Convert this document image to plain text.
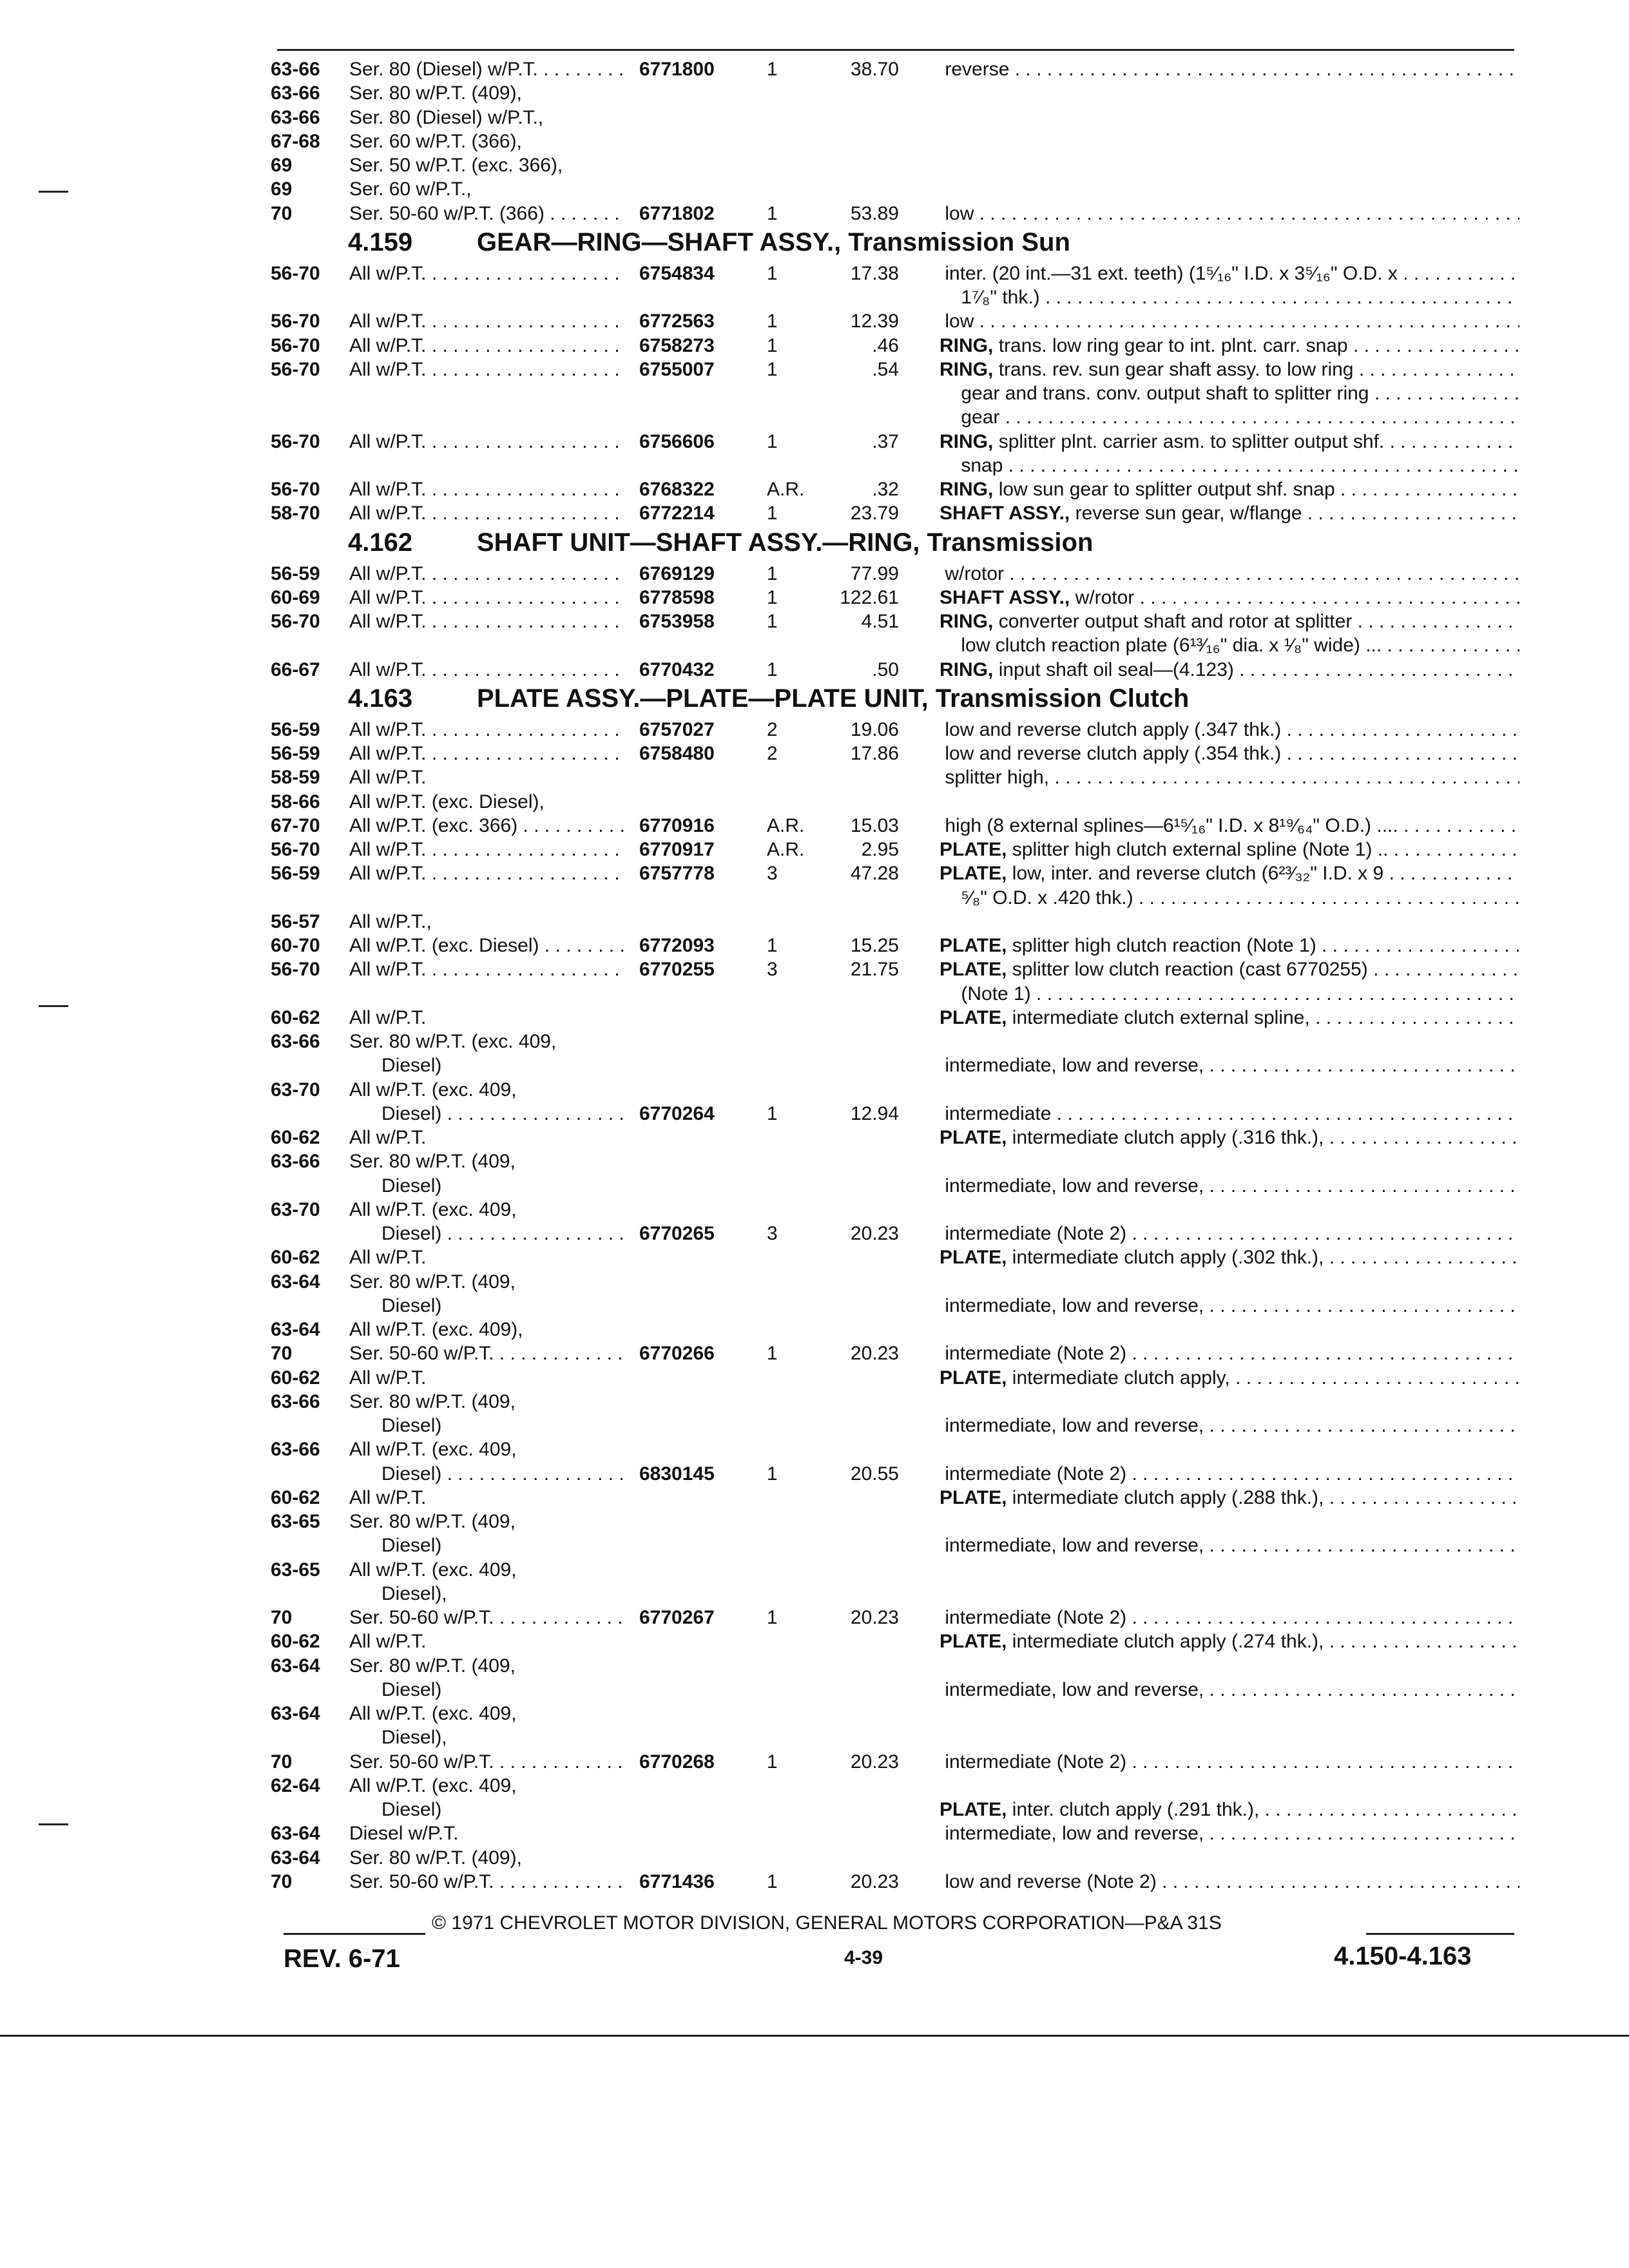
63-66 Ser. 80 (Diesel) w/P.T. . . .	6771800	1	38.70 reverse . . .
63-66 Ser. 80 w/P.T. (409),

63-66 Ser. 80 (Diesel) w/P.T.,

67-68 Ser. 60 w/P.T. (366),

69	Ser. 50 w/P.T. (exc. 366),

69	Ser. 60 w/P.T.,

70	Ser. 50-60 w/P.T. (366) . . .	6771802	1	53.89 low . . .
4.159 GEAR—RING—SHAFT ASSY., Transmission Sun
56-70 All w/P.T. . . .	6754834	1	17.38 inter. (20 int.—31 ext. teeth) (1⁵⁄₁₆" I.D. x 3⁵⁄₁₆" O.D. x . . .
1⁷⁄₈" thk.) . . .
56-70 All w/P.T. . . .	6772563	1	12.39 low . . .
56-70 All w/P.T. . . .	6758273	1	.46 RING, trans. low ring gear to int. plnt. carr. snap . . .
56-70 All w/P.T. . . .	6755007	1	.54 RING, trans. rev. sun gear shaft assy. to low ring . . .
gear and trans. conv. output shaft to splitter ring . . .
gear . . .
56-70 All w/P.T. . . .	6756606	1	.37 RING, splitter plnt. carrier asm. to splitter output shf. . . .
snap . . .
56-70 All w/P.T. . . .	6768322	A.R.	.32 RING, low sun gear to splitter output shf. snap . . .
58-70 All w/P.T. . . .	6772214	1	23.79 SHAFT ASSY., reverse sun gear, w/flange . . .
4.162 SHAFT UNIT—SHAFT ASSY.—RING, Transmission
56-59 All w/P.T. . . .	6769129	1	77.99 w/rotor . . .
60-69 All w/P.T. . . .	6778598	1	122.61 SHAFT ASSY., w/rotor . . .
56-70 All w/P.T. . . .	6753958	1	4.51 RING, converter output shaft and rotor at splitter . . .
low clutch reaction plate (6¹³⁄₁₆" dia. x ¹⁄₈" wide) ... . . .
66-67 All w/P.T. . . .	6770432	1	.50 RING, input shaft oil seal—(4.123) . . .
4.163 PLATE ASSY.—PLATE—PLATE UNIT, Transmission Clutch
56-59 All w/P.T. . . .	6757027	2	19.06 low and reverse clutch apply (.347 thk.) . . .
56-59 All w/P.T. . . .	6758480	2	17.86 low and reverse clutch apply (.354 thk.) . . .
58-59 All w/P.T.	splitter high, . . .
58-66 All w/P.T. (exc. Diesel),

67-70 All w/P.T. (exc. 366) . . .	6770916	A.R.	15.03 high (8 external splines—6¹⁵⁄₁₆" I.D. x 8¹⁹⁄₆₄" O.D.) .... . . .
56-70 All w/P.T. . . .	6770917	A.R.	2.95 PLATE, splitter high clutch external spline (Note 1) .. . . .
56-59 All w/P.T. . . .	6757778	3	47.28 PLATE, low, inter. and reverse clutch (6²³⁄₃₂" I.D. x 9 . . .
⁵⁄₈" O.D. x .420 thk.) . . .
56-57 All w/P.T.,

60-70 All w/P.T. (exc. Diesel) . . .	6772093	1	15.25 PLATE, splitter high clutch reaction (Note 1) . . .
56-70 All w/P.T. . . .	6770255	3	21.75 PLATE, splitter low clutch reaction (cast 6770255) . . .
(Note 1) . . .
60-62 All w/P.T.	PLATE, intermediate clutch external spline, . . .
63-66 Ser. 80 w/P.T. (exc. 409,

Diesel)	intermediate, low and reverse, . . .
63-70 All w/P.T. (exc. 409,

Diesel) . . .	6770264	1	12.94 intermediate . . .
60-62 All w/P.T.	PLATE, intermediate clutch apply (.316 thk.), . . .
63-66 Ser. 80 w/P.T. (409,

Diesel)	intermediate, low and reverse, . . .
63-70 All w/P.T. (exc. 409,

Diesel) . . .	6770265	3	20.23 intermediate (Note 2) . . .
60-62 All w/P.T.	PLATE, intermediate clutch apply (.302 thk.), . . .
63-64 Ser. 80 w/P.T. (409,

Diesel)	intermediate, low and reverse, . . .
63-64 All w/P.T. (exc. 409),

70	Ser. 50-60 w/P.T. . . .	6770266	1	20.23 intermediate (Note 2) . . .
60-62 All w/P.T.	PLATE, intermediate clutch apply, . . .
63-66 Ser. 80 w/P.T. (409,

Diesel)	intermediate, low and reverse, . . .
63-66 All w/P.T. (exc. 409,

Diesel) . . .	6830145	1	20.55 intermediate (Note 2) . . .
60-62 All w/P.T.	PLATE, intermediate clutch apply (.288 thk.), . . .
63-65 Ser. 80 w/P.T. (409,

Diesel)	intermediate, low and reverse, . . .
63-65 All w/P.T. (exc. 409,

Diesel),

70	Ser. 50-60 w/P.T. . . .	6770267	1	20.23 intermediate (Note 2) . . .
60-62 All w/P.T.	PLATE, intermediate clutch apply (.274 thk.), . . .
63-64 Ser. 80 w/P.T. (409,

Diesel)	intermediate, low and reverse, . . .
63-64 All w/P.T. (exc. 409,

Diesel),

70	Ser. 50-60 w/P.T. . . .	6770268	1	20.23 intermediate (Note 2) . . .
62-64 All w/P.T. (exc. 409,

Diesel)	PLATE, inter. clutch apply (.291 thk.), . . .
63-64 Diesel w/P.T.	intermediate, low and reverse, . . .
63-64 Ser. 80 w/P.T. (409),

70	Ser. 50-60 w/P.T. . . .	6771436	1	20.23 low and reverse (Note 2) . . .
© 1971 CHEVROLET MOTOR DIVISION, GENERAL MOTORS CORPORATION—P&A 31S
REV. 6-71	4-39	4.150-4.163
